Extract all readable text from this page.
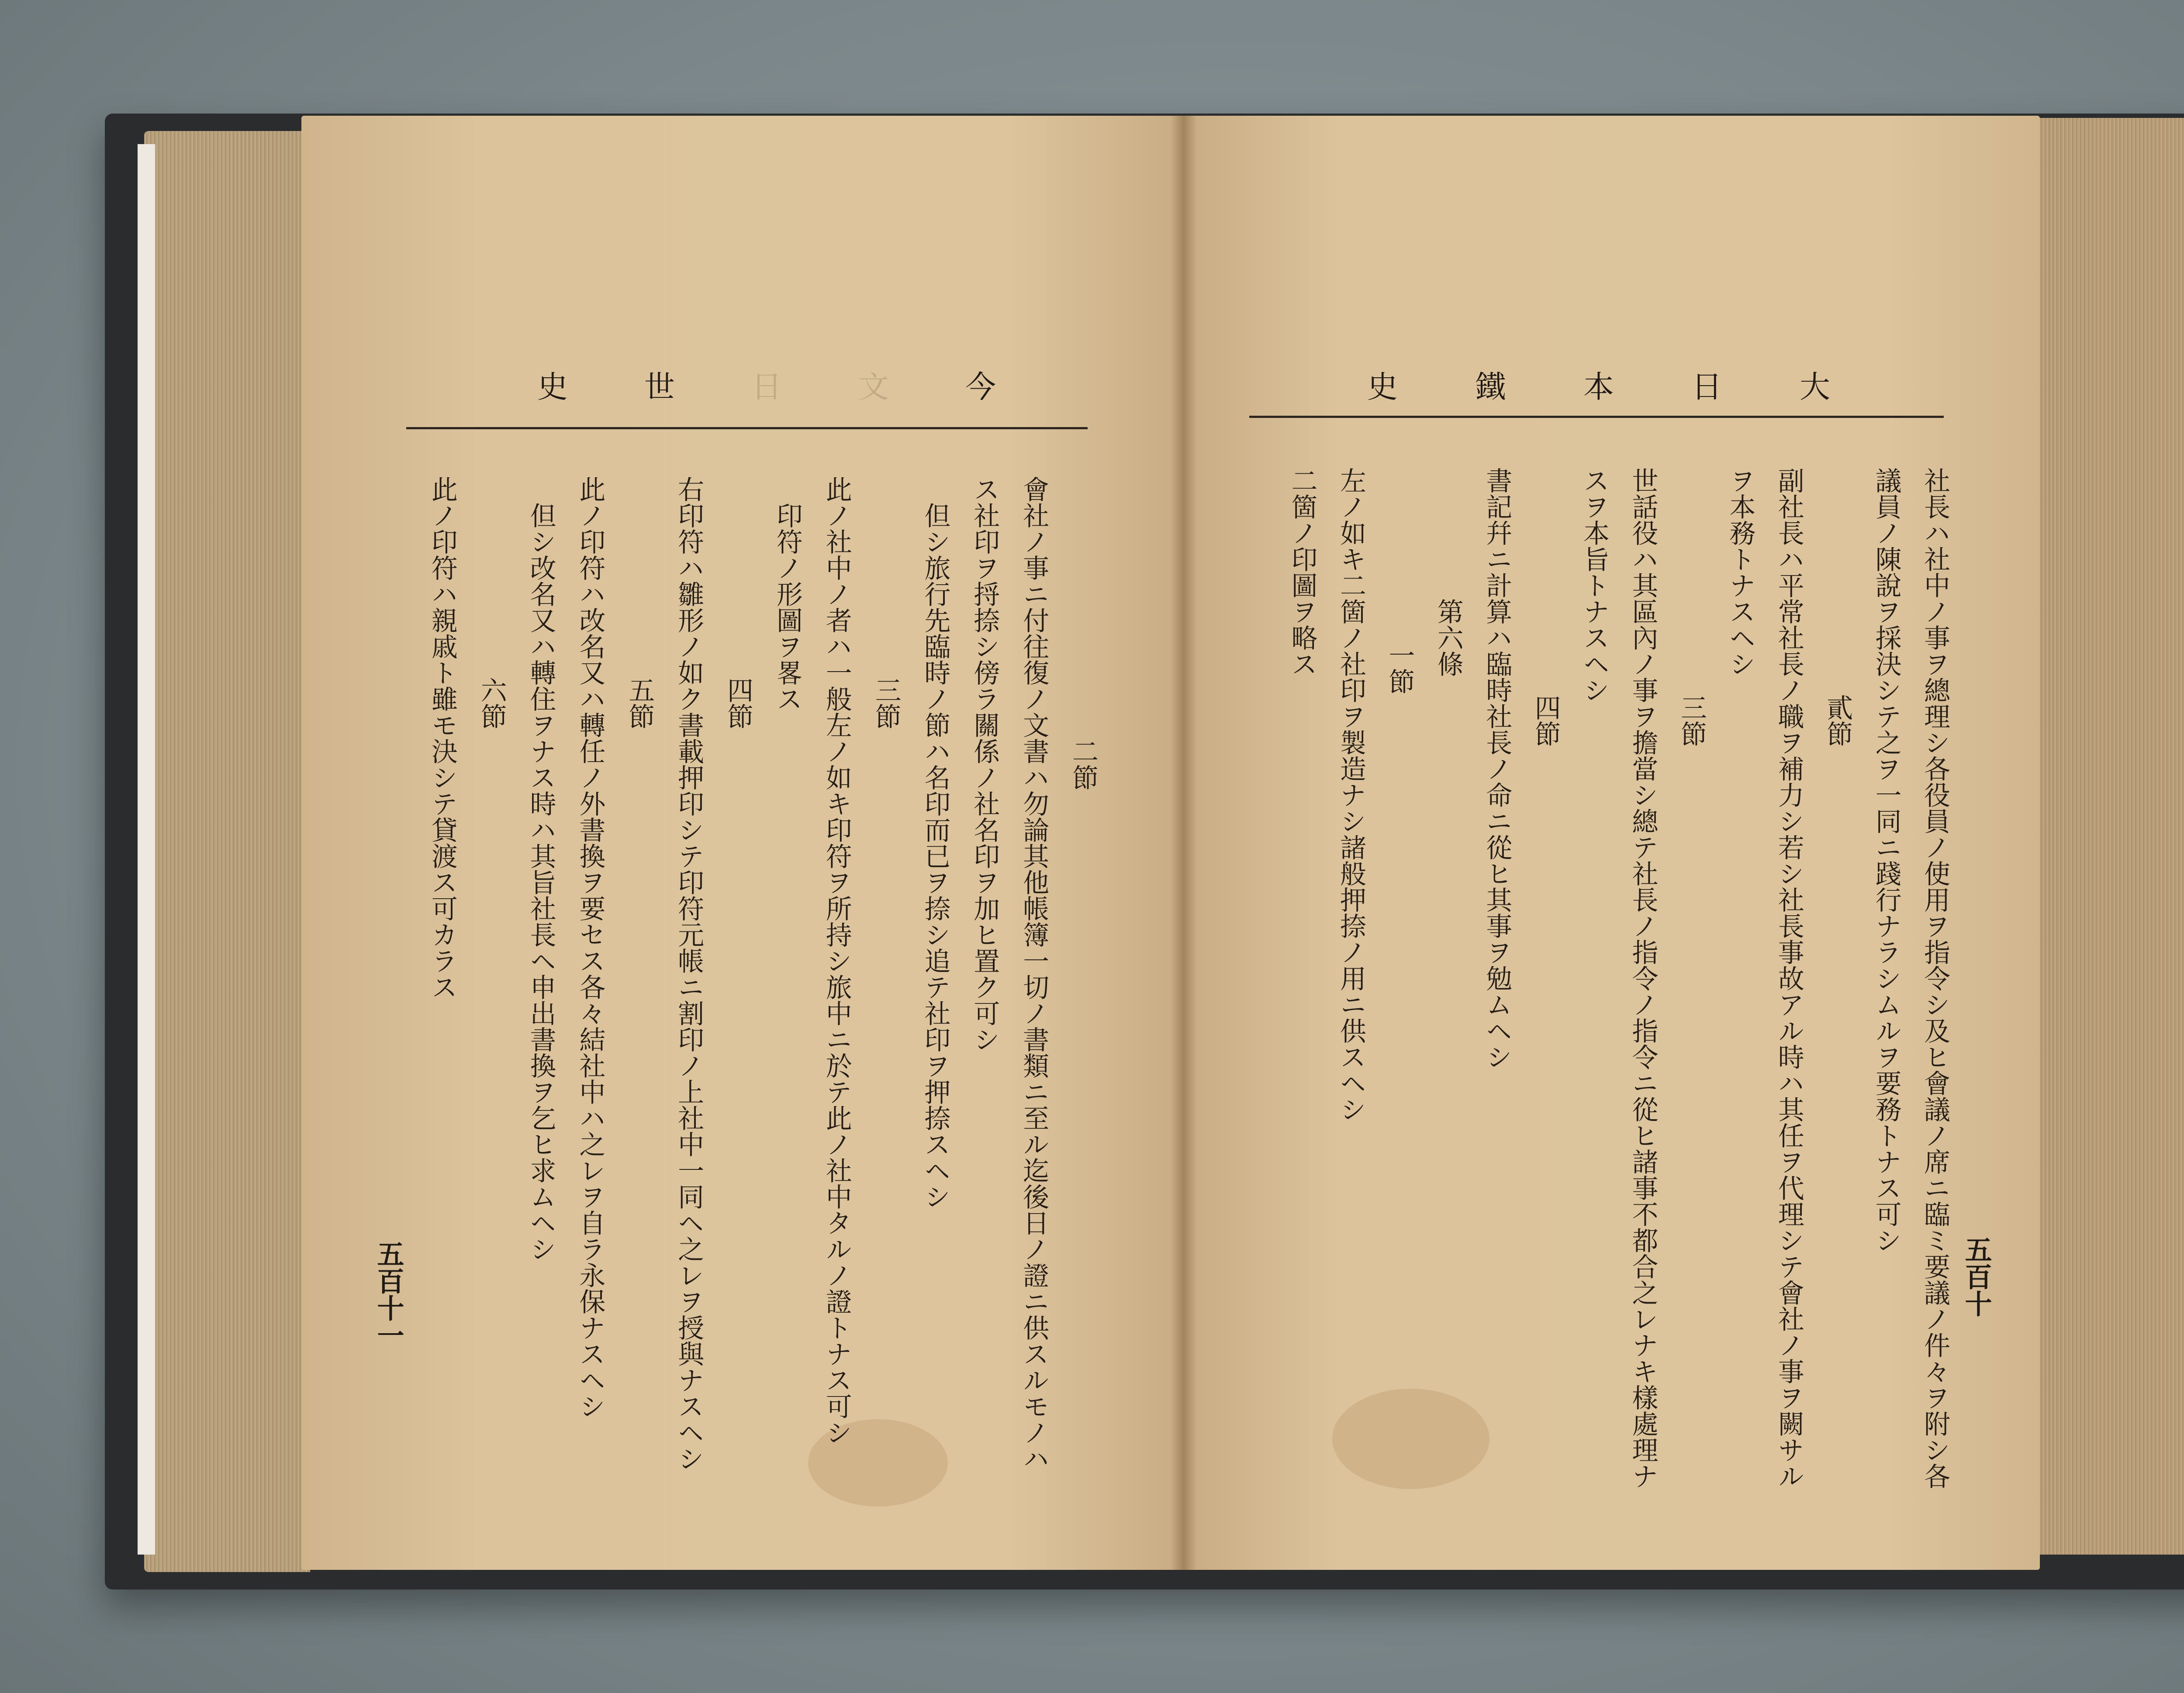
今
文
日
世
史
二節
會社ノ事ニ付往復ノ文書ハ勿論其他帳簿一切ノ書類ニ至ル迄後日ノ證ニ供スルモノハ
ス社印ヲ捋捺シ傍ラ關係ノ社名印ヲ加ヒ置ク可シ
但シ旅行先臨時ノ節ハ名印而已ヲ捺シ追テ社印ヲ押捺スヘシ
三節
此ノ社中ノ者ハ一般左ノ如キ印符ヲ所持シ旅中ニ於テ此ノ社中タルノ證トナス可シ
印符ノ形圖ヲ畧ス
四節
右印符ハ雛形ノ如ク書載押印シテ印符元帳ニ割印ノ上社中一同ヘ之レヲ授與ナスヘシ
五節
此ノ印符ハ改名又ハ轉任ノ外書換ヲ要セス各々結社中ハ之レヲ自ラ永保ナスヘシ
但シ改名又ハ轉住ヲナス時ハ其旨社長ヘ申出書換ヲ乞ヒ求ムヘシ
六節
此ノ印符ハ親戚ト雖モ決シテ貸渡ス可カラス
五百十一
大
日
本
鐵
史
社長ハ社中ノ事ヲ總理シ各役員ノ使用ヲ指令シ及ヒ會議ノ席ニ臨ミ要議ノ件々ヲ附シ各
議員ノ陳說ヲ採決シテ之ヲ一同ニ踐行ナラシムルヲ要務トナス可シ
貳節
副社長ハ平常社長ノ職ヲ補力シ若シ社長事故アル時ハ其任ヲ代理シテ會社ノ事ヲ闕サル
ヲ本務トナスヘシ
三節
世話役ハ其區內ノ事ヲ擔當シ總テ社長ノ指令ノ指令ニ從ヒ諸事不都合之レナキ樣處理ナ
スヲ本旨トナスヘシ
四節
書記幷ニ計算ハ臨時社長ノ命ニ從ヒ其事ヲ勉ムヘシ
第六條
一節
左ノ如キ二箇ノ社印ヲ製造ナシ諸般押捺ノ用ニ供スヘシ
二箇ノ印圖ヲ略ス
五百十
